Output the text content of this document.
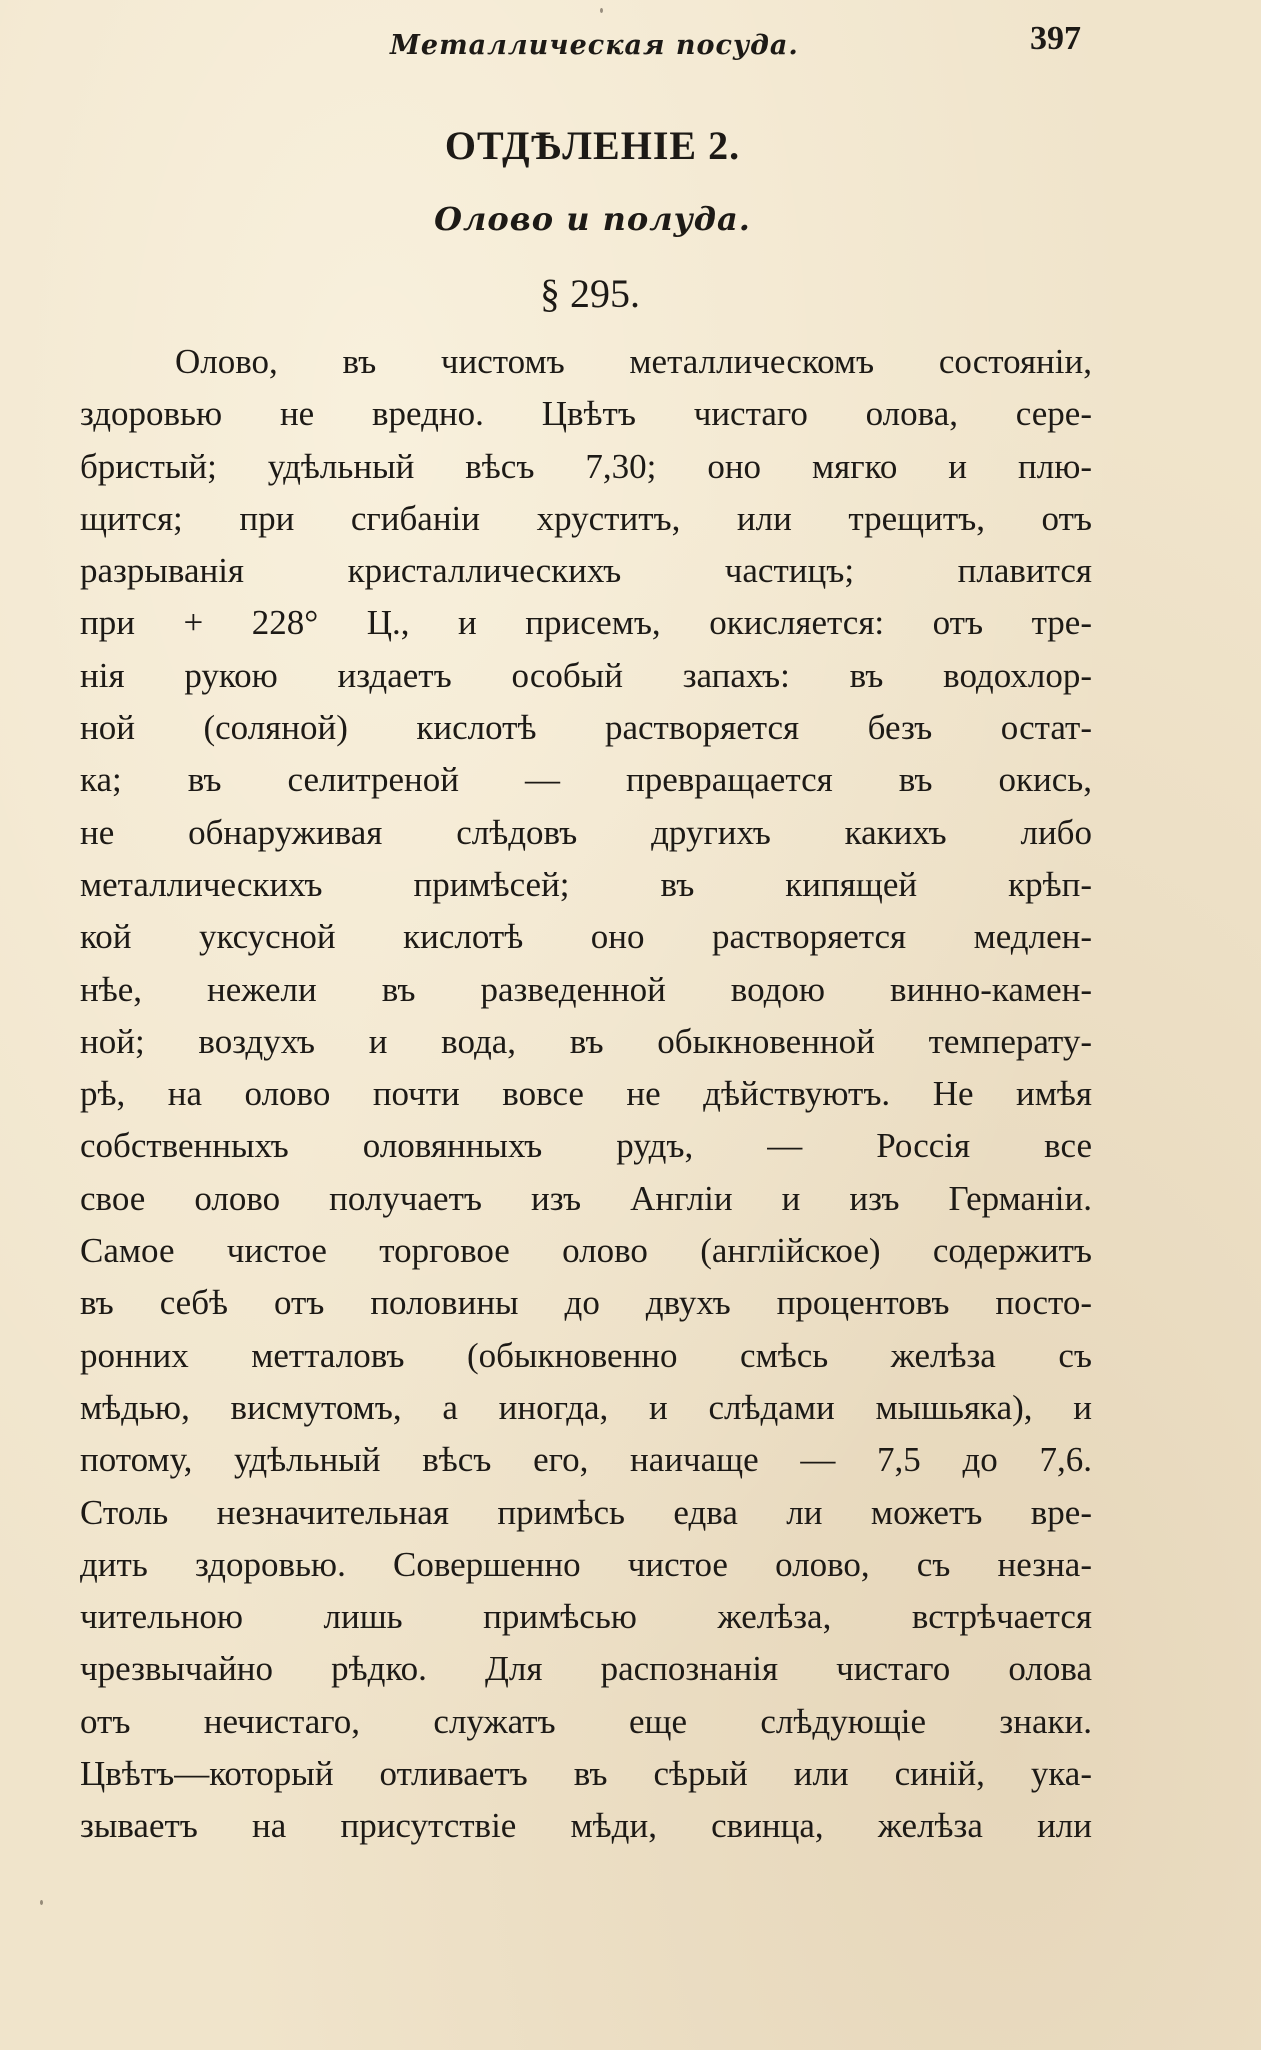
Металлическая посуда.	397
ОТДѢЛЕНІЕ 2.
Олово и полуда.
§ 295.
Олово, въ чистомъ металлическомъ состояніи,
здоровью не вредно. Цвѣтъ чистаго олова, сере-
бристый; удѣльный вѣсъ 7,30; оно мягко и плю-
щится; при сгибаніи хруститъ, или трещитъ, отъ
разрыванія кристаллическихъ частицъ; плавится
при + 228° Ц., и присемъ, окисляется: отъ тре-
нія рукою издаетъ особый запахъ: въ водохлор-
ной (соляной) кислотѣ растворяется безъ остат-
ка; въ селитреной — превращается въ окись,
не обнаруживая слѣдовъ другихъ какихъ либо
металлическихъ примѣсей; въ кипящей крѣп-
кой уксусной кислотѣ оно растворяется медлен-
нѣе, нежели въ разведенной водою винно-камен-
ной; воздухъ и вода, въ обыкновенной температу-
рѣ, на олово почти вовсе не дѣйствуютъ. Не имѣя
собственныхъ оловянныхъ рудъ, — Россія все
свое олово получаетъ изъ Англіи и изъ Германіи.
Самое чистое торговое олово (англійское) содержитъ
въ себѣ отъ половины до двухъ процентовъ посто-
ронних метталовъ (обыкновенно смѣсь желѣза съ
мѣдью, висмутомъ, а иногда, и слѣдами мышьяка), и
потому, удѣльный вѣсъ его, наичаще — 7,5 до 7,6.
Столь незначительная примѣсь едва ли можетъ вре-
дить здоровью. Совершенно чистое олово, съ незна-
чительною лишь примѣсью желѣза, встрѣчается
чрезвычайно рѣдко. Для распознанія чистаго олова
отъ нечистаго, служатъ еще слѣдующіе знаки.
Цвѣтъ—который отливаетъ въ сѣрый или синій, ука-
зываетъ на присутствіе мѣди, свинца, желѣза или
